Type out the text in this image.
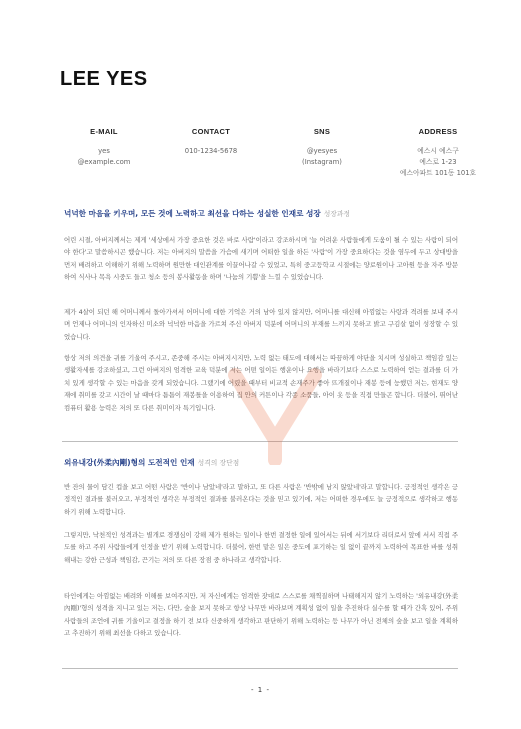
LEE YES
E-MAIL
yes
@example.com
CONTACT
010-1234-5678
SNS
@yesyes
(Instagram)
ADDRESS
예스시 예스구
예스로 1-23
예스아파트 101동 101호
넉넉한 마음을 키우며, 모든 것에 노력하고 최선을 다하는 성실한 인재로 성장 성장과정
어린 시절, 아버지께서는 제게 '세상에서 가장 중요한 것은 바로 사람'이라고 강조하시며 '늘 어려운 사람들에게 도움이 될 수 있는 사람이 되어야 한다'고 말씀하시곤 했습니다. 저는 아버지의 말씀을 가슴에 새기며 어떠한 일을 하든 '사람'이 가장 중요하다는 것을 염두에 두고 상대방을 먼저 배려하고 이해하기 위해 노력하며 원만한 대인관계를 이끌어나갈 수 있었고, 특히 중고등학교 시절에는 양로원이나 고아원 등을 자주 방문하여 식사나 목욕 시중도 들고 청소 등의 봉사활동을 하며 '나눔의 기쁨'을 느낄 수 있었습니다.
제가 4살이 되던 해 어머니께서 돌아가셔서 어머니에 대한 기억은 거의 남아 있지 않지만, 어머니를 대신해 아낌없는 사랑과 격려를 보내 주시며 언제나 어머니의 인자하신 미소와 넉넉한 마음을 가르쳐 주신 아버지 덕분에 어머니의 부재를 느끼지 못하고 밝고 구김살 없이 성장할 수 있었습니다.
항상 저의 의견을 귀를 기울여 주시고, 존중해 주시는 아버지시지만, 노력 없는 태도에 대해서는 따끔하게 야단을 치시며 성실하고 책임감 있는 생활자세를 강조하셨고, 그런 아버지의 엄격한 교육 덕분에 저는 어떤 일이든 행운이나 요행을 바라기보다 스스로 노력하여 얻는 결과를 더 가치 있게 생각할 수 있는 마음을 갖게 되었습니다. 그랬기에 어렸을 때부터 비교적 손재주가 좋아 뜨개질이나 재봉 등에 능했던 저는, 현재도 양재에 취미를 갖고 시간이 날 때마다 틈틈이 재봉틀을 이용하여 집 안의 커튼이나 각종 소품들, 아이 옷 등을 직접 만들곤 합니다. 더불어, 뛰어난 컴퓨터 활용 능력은 저의 또 다른 취미이자 특기입니다.
외유내강(外柔內剛)형의 도전적인 인재 성격의 장단점
반 잔의 물이 담긴 컵을 보고 어떤 사람은 '반이나 남았네'라고 말하고, 또 다른 사람은 '반밖에 남지 않았네'라고 말합니다. 긍정적인 생각은 긍정적인 결과를 불러오고, 부정적인 생각은 부정적인 결과를 불러온다는 것을 믿고 있기에, 저는 어떠한 경우에도 늘 긍정적으로 생각하고 행동하기 위해 노력합니다.
그렇지만, 낙천적인 성격과는 별개로 경쟁심이 강해 제가 원하는 일이나 한번 결정한 일에 있어서는 뒤에 서기보다 리더로서 앞에 서서 직접 주도를 하고 주위 사람들에게 인정을 받기 위해 노력합니다. 더불어, 한번 맡은 일은 중도에 포기하는 일 없이 끝까지 노력하여 목표한 바를 성취해내는 강한 근성과 책임감, 끈기는 저의 또 다른 장점 중 하나라고 생각합니다.
타인에게는 아낌없는 배려와 이해를 보여주지만, 저 자신에게는 엄격한 잣대로 스스로를 채찍질하며 나태해지지 않기 노력하는 '외유내강(外柔內剛)'형의 성격을 지니고 있는 저는, 다만, 숲을 보지 못하고 항상 나무만 바라보며 계획성 없이 일을 추진하다 실수를 할 때가 간혹 있어, 주위 사람들의 조언에 귀를 기울이고 결정을 하기 전 보다 신중하게 생각하고 판단하기 위해 노력하는 등 나무가 아닌 전체의 숲을 보고 일을 계획하고 추진하기 위해 최선을 다하고 있습니다.
- 1 -
